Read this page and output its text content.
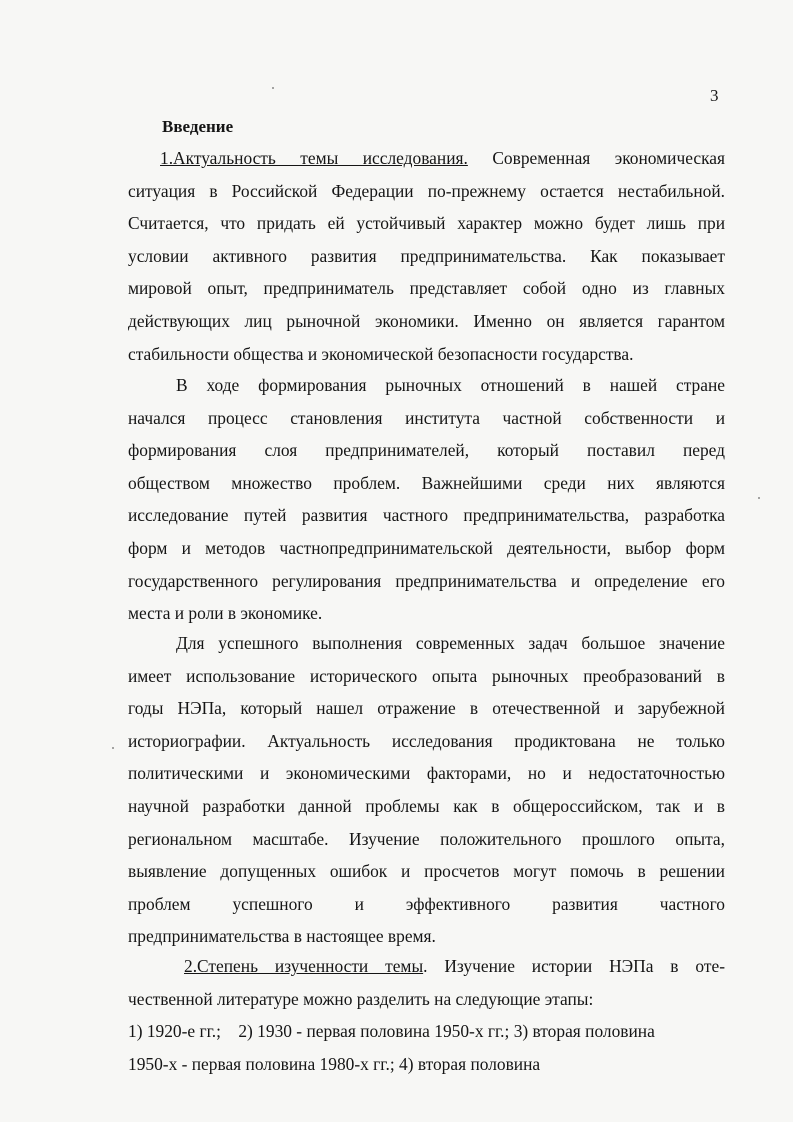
3
Введение
1.Актуальность темы исследования. Современная экономическая
ситуация в Российской Федерации по-прежнему остается нестабильной.
Считается, что придать ей устойчивый характер можно будет лишь при
условии активного развития предпринимательства. Как показывает
мировой опыт, предприниматель представляет собой одно из главных
действующих лиц рыночной экономики. Именно он является гарантом
стабильности общества и экономической безопасности государства.
В ходе формирования рыночных отношений в нашей стране
начался процесс становления института частной собственности и
формирования слоя предпринимателей, который поставил перед
обществом множество проблем. Важнейшими среди них являются
исследование путей развития частного предпринимательства, разработка
форм и методов частнопредпринимательской деятельности, выбор форм
государственного регулирования предпринимательства и определение его
места и роли в экономике.
Для успешного выполнения современных задач большое значение
имеет использование исторического опыта рыночных преобразований в
годы НЭПа, который нашел отражение в отечественной и зарубежной
историографии. Актуальность исследования продиктована не только
политическими и экономическими факторами, но и недостаточностью
научной разработки данной проблемы как в общероссийском, так и в
региональном масштабе. Изучение положительного прошлого опыта,
выявление допущенных ошибок и просчетов могут помочь в решении
проблем успешного и эффективного развития частного
предпринимательства в настоящее время.
2.Степень изученности темы. Изучение истории НЭПа в оте-
чественной литературе можно разделить на следующие этапы:
1) 1920-е гг.;    2) 1930 - первая половина 1950-х гг.; 3) вторая половина
1950-х - первая половина 1980-х гг.; 4) вторая половина
